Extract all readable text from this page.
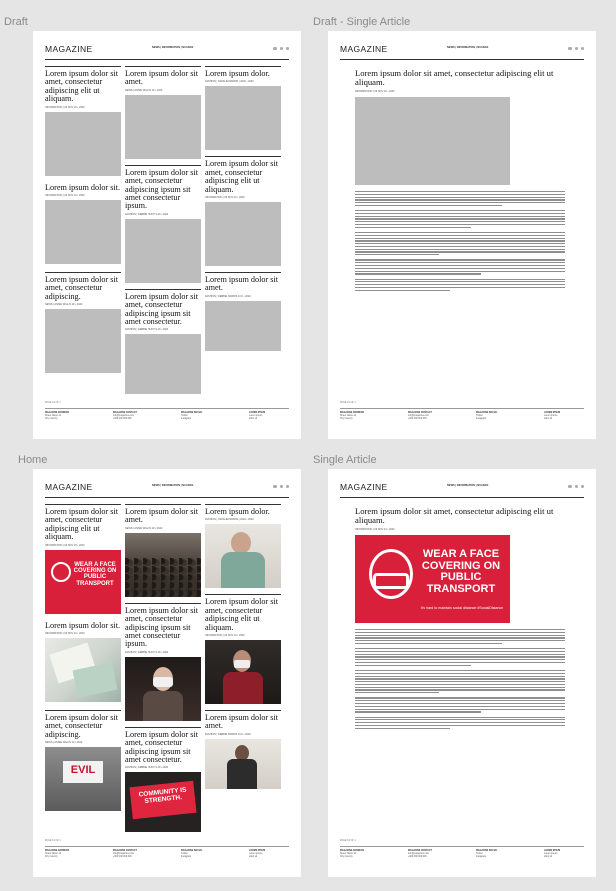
Draft	Draft - Single Article
Home	Single Article
MAGAZINE	NEWS | INFORMATION | NUANCE
Lorem ipsum dolor sit amet, consectetur adipiscing elit ut aliquam.
INFORMATION | 09 NOV 15 • 2020
Lorem ipsum dolor sit.
INFORMATION | 09 NOV 10 • 2020
Lorem ipsum dolor sit amet, consectetur adipiscing.
NEWS | ANNIE WILLIS 19 • 2020
Lorem ipsum dolor sit amet.
NEWS | ANNIE WILLIS 19 • 2020
Lorem ipsum dolor sit amet, consectetur adipiscing ipsum sit amet consectetur ipsum.
FASHION | DEBBIE HUNT 9.19 • 2020
Lorem ipsum dolor sit amet, consectetur adipiscing ipsum sit amet consectetur.
FASHION | DEBBIE HUNT 9.19 • 2020
Lorem ipsum dolor.
FASHION | NATALIE/HARRIS | 2020 • 2020
Lorem ipsum dolor sit amet, consectetur adipiscing elit ut aliquam.
INFORMATION | 09 NOV 10 • 2020
Lorem ipsum dolor sit amet.
FASHION | DEBBIE HARRIS 10.6 • 2020
PAGE 01 OF 1
MAGAZINE ADDRESS
Street Name 12
City Country
MAGAZINE CONTACT
info@magazine.com
+000 000 000 000
MAGAZINE SOCIAL
Twitter
Instagram
LOREM IPSUM
Lorem ipsum
dolor sit
MAGAZINE	NEWS | INFORMATION | NUANCE
Lorem ipsum dolor sit amet, consectetur adipiscing elit ut aliquam.
INFORMATION | 09 NOV 10 • 2020
PAGE 01 OF 1
MAGAZINE ADDRESS
Street Name 12
City Country
MAGAZINE CONTACT
info@magazine.com
+000 000 000 000
MAGAZINE SOCIAL
Twitter
Instagram
LOREM IPSUM
Lorem ipsum
dolor sit
MAGAZINE	NEWS | INFORMATION | NUANCE
Lorem ipsum dolor sit amet, consectetur adipiscing elit ut aliquam.
INFORMATION | 09 NOV 15 • 2020
WEAR A FACE COVERING ON PUBLIC TRANSPORT
Lorem ipsum dolor sit.
INFORMATION | 09 NOV 10 • 2020
Lorem ipsum dolor sit amet, consectetur adipiscing.
NEWS | ANNIE WILLIS 19 • 2020
EVIL
Lorem ipsum dolor sit amet.
NEWS | ANNIE WILLIS 19 • 2020
Lorem ipsum dolor sit amet, consectetur adipiscing ipsum sit amet consectetur ipsum.
FASHION | DEBBIE HUNT 9.19 • 2020
Lorem ipsum dolor sit amet, consectetur adipiscing ipsum sit amet consectetur.
FASHION | DEBBIE HUNT 9.19 • 2020
COMMUNITY IS STRENGTH.
Lorem ipsum dolor.
FASHION | NATALIE/HARRIS | 2020 • 2020
Lorem ipsum dolor sit amet, consectetur adipiscing elit ut aliquam.
INFORMATION | 09 NOV 10 • 2020
Lorem ipsum dolor sit amet.
FASHION | DEBBIE HARRIS 10.6 • 2020
PAGE 01 OF 1
MAGAZINE ADDRESS
Street Name 12
City Country
MAGAZINE CONTACT
info@magazine.com
+000 000 000 000
MAGAZINE SOCIAL
Twitter
Instagram
LOREM IPSUM
Lorem ipsum
dolor sit
MAGAZINE	NEWS | INFORMATION | NUANCE
Lorem ipsum dolor sit amet, consectetur adipiscing elit ut aliquam.
INFORMATION | 09 NOV 10 • 2020
WEAR A FACE COVERING ON PUBLIC TRANSPORT
it's hard to maintain social distance #SocialDistance
PAGE 01 OF 1
MAGAZINE ADDRESS
Street Name 12
City Country
MAGAZINE CONTACT
info@magazine.com
+000 000 000 000
MAGAZINE SOCIAL
Twitter
Instagram
LOREM IPSUM
Lorem ipsum
dolor sit
